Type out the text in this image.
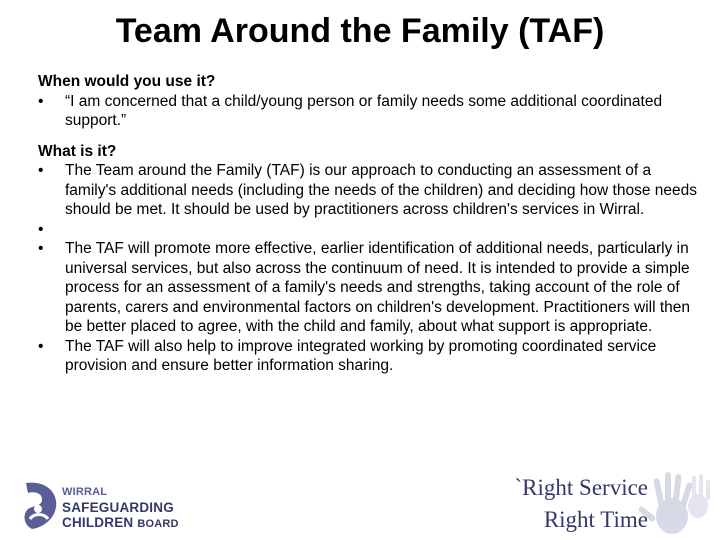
Team Around the Family (TAF)
When would you use it?
•	“I am concerned that a child/young person or family needs some additional coordinated support.”
What is it?
•	The Team around the Family (TAF) is our approach to conducting an assessment of a family's additional needs (including the needs of the children) and deciding how those needs should be met. It should be used by practitioners across children's services in Wirral.
•
•	The TAF will promote more effective, earlier identification of additional needs, particularly in universal services, but also across the continuum of need. It is intended to provide a simple process for an assessment of a family's needs and strengths, taking account of the role of parents, carers and environmental factors on children's development. Practitioners will then be better placed to agree, with the child and family, about what support is appropriate.
•	The TAF will also help to improve integrated working by promoting coordinated service provision and ensure better information sharing.
WIRRAL
SAFEGUARDING
CHILDREN BOARD
`Right Service
Right Time
